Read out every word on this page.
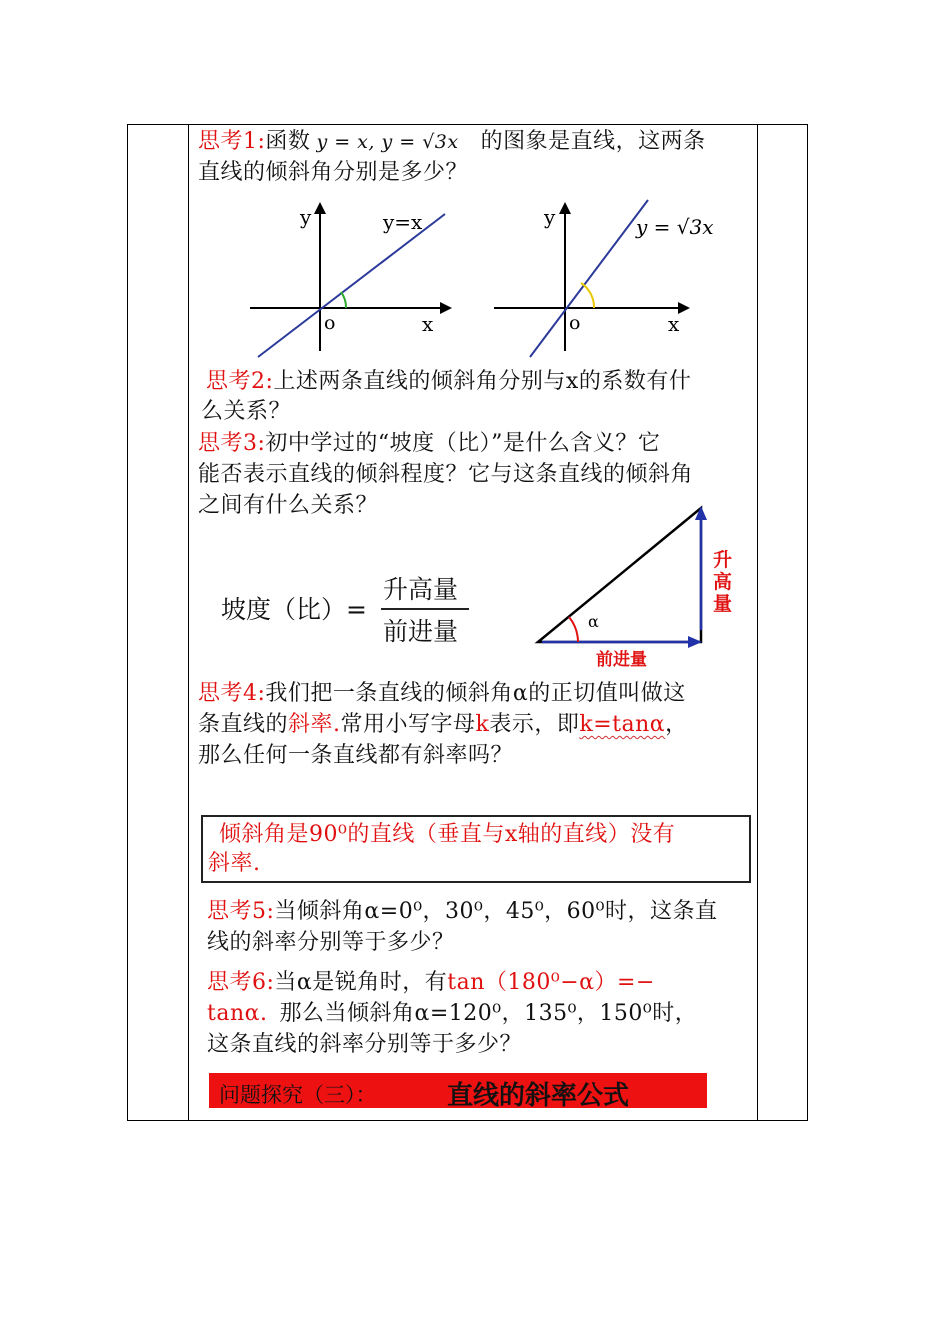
思考1:函数 y = x, y = √3x 的图象是直线，这两条
直线的倾斜角分别是多少？
y	y=x
o	x
y	y = √3x
o	x
思考2:上述两条直线的倾斜角分别与x的系数有什
么关系？
思考3:初中学过的“坡度（比）”是什么含义？它
能否表示直线的倾斜程度？它与这条直线的倾斜角
之间有什么关系？
坡度（比）=
升高量
前进量	α
升
高
量
前进量
思考4:我们把一条直线的倾斜角α的正切值叫做这
条直线的斜率.常用小写字母k表示，即k=tanα，
那么任何一条直线都有斜率吗？
倾斜角是90⁰的直线（垂直与x轴的直线）没有
斜率.
思考5:当倾斜角α=0⁰，30⁰，45⁰，60⁰时，这条直
线的斜率分别等于多少？
思考6:当α是锐角时，有tan（180⁰−α）=−
tanα. 那么当倾斜角α=120⁰，135⁰，150⁰时，
这条直线的斜率分别等于多少？
问题探究（三）：	直线的斜率公式
